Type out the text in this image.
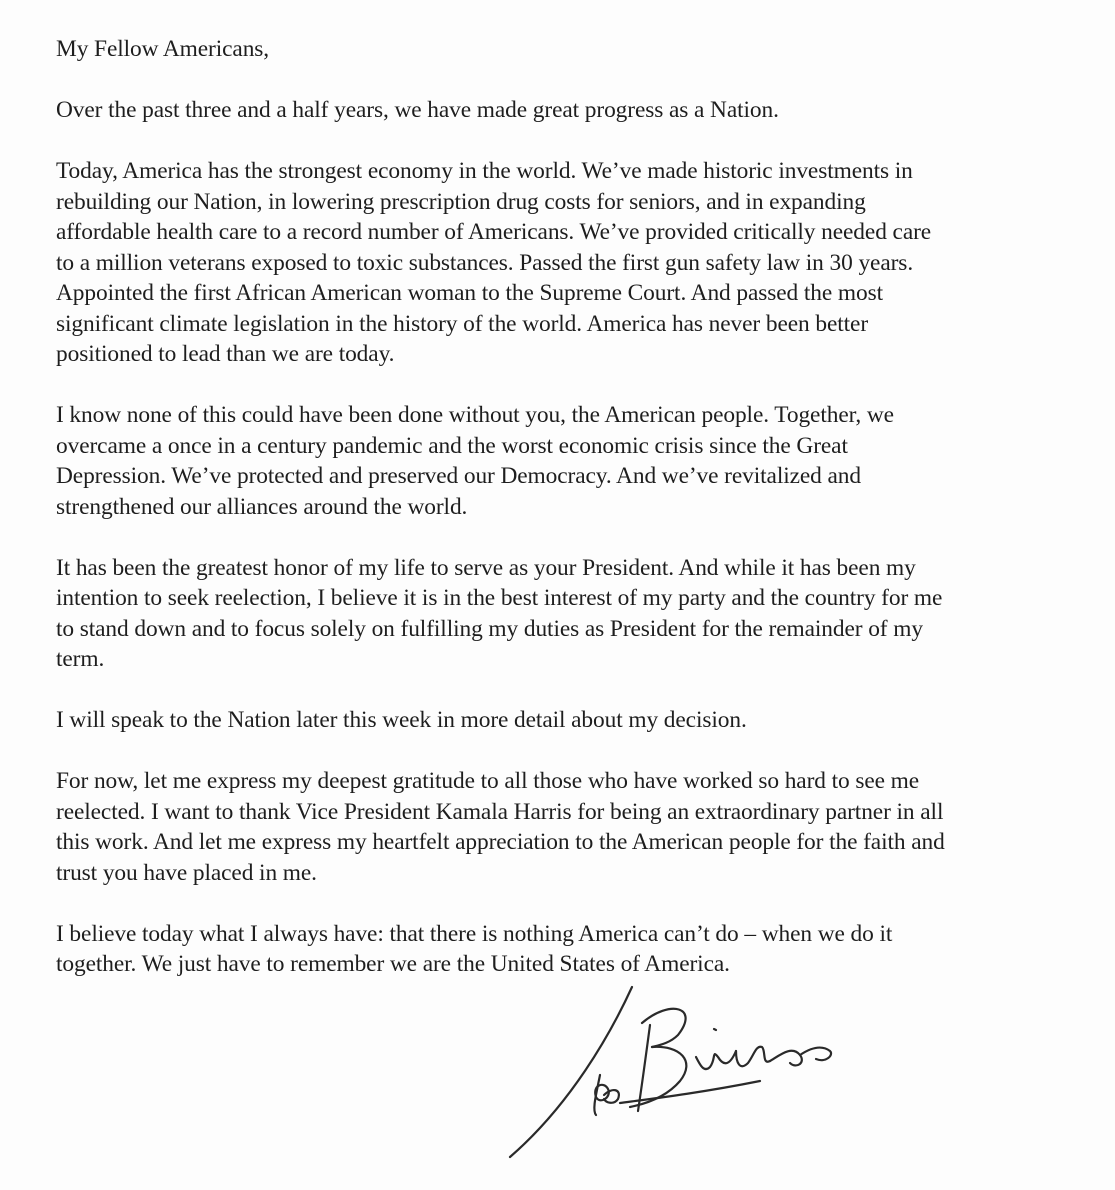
My Fellow Americans,

Over the past three and a half years, we have made great progress as a Nation.

Today, America has the strongest economy in the world. We’ve made historic investments in
rebuilding our Nation, in lowering prescription drug costs for seniors, and in expanding
affordable health care to a record number of Americans. We’ve provided critically needed care
to a million veterans exposed to toxic substances. Passed the first gun safety law in 30 years.
Appointed the first African American woman to the Supreme Court. And passed the most
significant climate legislation in the history of the world. America has never been better
positioned to lead than we are today.

I know none of this could have been done without you, the American people. Together, we
overcame a once in a century pandemic and the worst economic crisis since the Great
Depression. We’ve protected and preserved our Democracy. And we’ve revitalized and
strengthened our alliances around the world.

It has been the greatest honor of my life to serve as your President. And while it has been my
intention to seek reelection, I believe it is in the best interest of my party and the country for me
to stand down and to focus solely on fulfilling my duties as President for the remainder of my
term.

I will speak to the Nation later this week in more detail about my decision.

For now, let me express my deepest gratitude to all those who have worked so hard to see me
reelected. I want to thank Vice President Kamala Harris for being an extraordinary partner in all
this work. And let me express my heartfelt appreciation to the American people for the faith and
trust you have placed in me.

I believe today what I always have: that there is nothing America can’t do – when we do it
together. We just have to remember we are the United States of America.
